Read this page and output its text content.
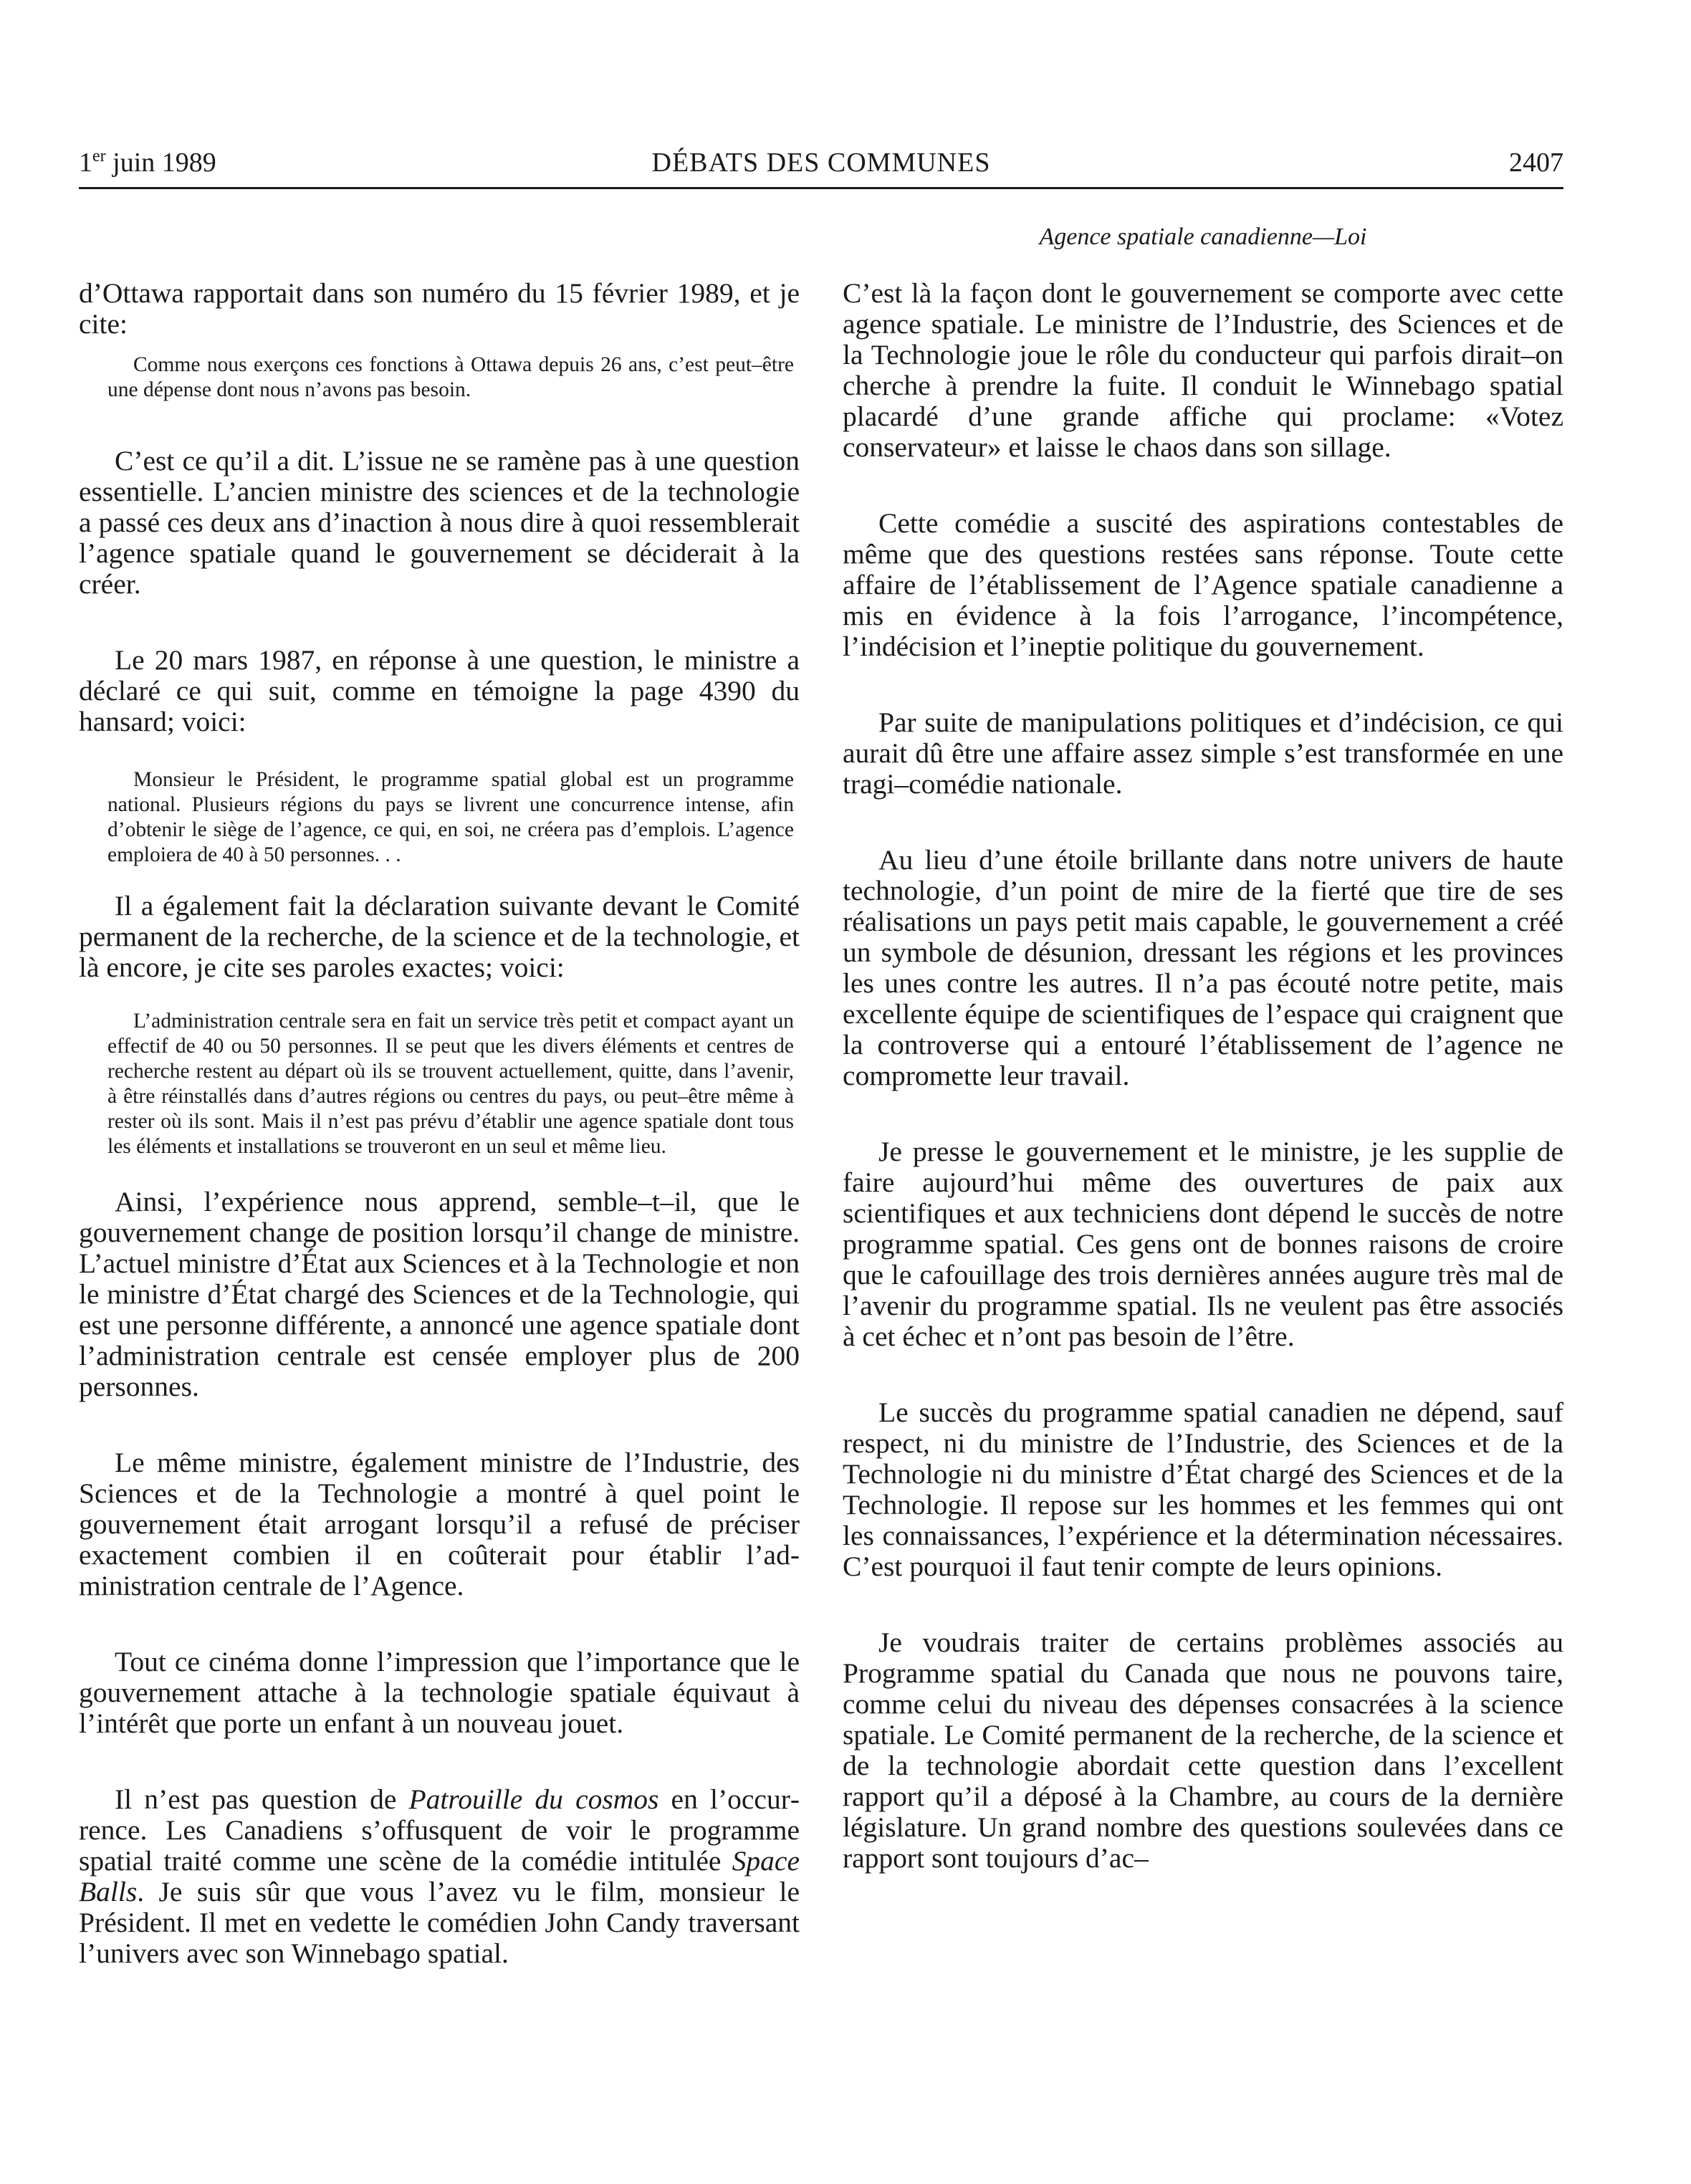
1er juin 1989	DÉBATS DES COMMUNES	2407
Agence spatiale canadienne—Loi

d’Ottawa rapportait dans son numéro du 15 février 1989, et je cite:

Comme nous exerçons ces fonctions à Ottawa depuis 26 ans, c’est peut–être une dépense dont nous n’avons pas besoin.

C’est ce qu’il a dit. L’issue ne se ramène pas à une question essentielle. L’ancien ministre des sciences et de la technologie a passé ces deux ans d’inaction à nous dire à quoi ressemblerait l’agence spatiale quand le gouvernement se déciderait à la créer.

Le 20 mars 1987, en réponse à une question, le ministre a déclaré ce qui suit, comme en témoigne la page 4390 du hansard; voici:

Monsieur le Président, le programme spatial global est un programme national. Plusieurs régions du pays se livrent une concurrence intense, afin d’obtenir le siège de l’agence, ce qui, en soi, ne créera pas d’emplois. L’agence emploiera de 40 à 50 personnes. . .

Il a également fait la déclaration suivante devant le Comité permanent de la recherche, de la science et de la technologie, et là encore, je cite ses paroles exactes; voici:

L’administration centrale sera en fait un service très petit et compact ayant un effectif de 40 ou 50 personnes. Il se peut que les divers éléments et centres de recherche restent au départ où ils se trouvent actuellement, quitte, dans l’avenir, à être réinstallés dans d’autres régions ou centres du pays, ou peut–être même à rester où ils sont. Mais il n’est pas prévu d’établir une agence spatiale dont tous les éléments et installations se trouveront en un seul et même lieu.

Ainsi, l’expérience nous apprend, semble–t–il, que le gouvernement change de position lorsqu’il change de ministre. L’actuel ministre d’État aux Sciences et à la Technologie et non le ministre d’État chargé des Sciences et de la Technologie, qui est une personne différente, a annoncé une agence spatiale dont l’administration centrale est censée employer plus de 200 personnes.

Le même ministre, également ministre de l’Industrie, des Sciences et de la Technologie a montré à quel point le gouvernement était arrogant lorsqu’il a refusé de préciser exactement combien il en coûterait pour établir l’administration centrale de l’Agence.

Tout ce cinéma donne l’impression que l’importance que le gouvernement attache à la technologie spatiale équivaut à l’intérêt que porte un enfant à un nouveau jouet.

Il n’est pas question de Patrouille du cosmos en l’occurrence. Les Canadiens s’offusquent de voir le programme spatial traité comme une scène de la comédie intitulée Space Balls. Je suis sûr que vous l’avez vu le film, monsieur le Président. Il met en vedette le comédien John Candy traversant l’univers avec son Winnebago spatial.

C’est là la façon dont le gouvernement se comporte avec cette agence spatiale. Le ministre de l’Industrie, des Sciences et de la Technologie joue le rôle du conducteur qui parfois dirait–on cherche à prendre la fuite. Il conduit le Winnebago spatial placardé d’une grande affiche qui proclame: «Votez conservateur» et laisse le chaos dans son sillage.

Cette comédie a suscité des aspirations contestables de même que des questions restées sans réponse. Toute cette affaire de l’établissement de l’Agence spatiale canadienne a mis en évidence à la fois l’arrogance, l’incompétence, l’indécision et l’ineptie politique du gouvernement.

Par suite de manipulations politiques et d’indécision, ce qui aurait dû être une affaire assez simple s’est transformée en une tragi–comédie nationale.

Au lieu d’une étoile brillante dans notre univers de haute technologie, d’un point de mire de la fierté que tire de ses réalisations un pays petit mais capable, le gouvernement a créé un symbole de désunion, dressant les régions et les provinces les unes contre les autres. Il n’a pas écouté notre petite, mais excellente équipe de scientifiques de l’espace qui craignent que la controverse qui a entouré l’établissement de l’agence ne compromette leur travail.

Je presse le gouvernement et le ministre, je les supplie de faire aujourd’hui même des ouvertures de paix aux scientifiques et aux techniciens dont dépend le succès de notre programme spatial. Ces gens ont de bonnes raisons de croire que le cafouillage des trois dernières années augure très mal de l’avenir du programme spatial. Ils ne veulent pas être associés à cet échec et n’ont pas besoin de l’être.

Le succès du programme spatial canadien ne dépend, sauf respect, ni du ministre de l’Industrie, des Sciences et de la Technologie ni du ministre d’État chargé des Sciences et de la Technologie. Il repose sur les hommes et les femmes qui ont les connaissances, l’expérience et la détermination nécessaires. C’est pourquoi il faut tenir compte de leurs opinions.

Je voudrais traiter de certains problèmes associés au Programme spatial du Canada que nous ne pouvons taire, comme celui du niveau des dépenses consacrées à la science spatiale. Le Comité permanent de la recherche, de la science et de la technologie abordait cette question dans l’excellent rapport qu’il a déposé à la Chambre, au cours de la dernière législature. Un grand nombre des questions soulevées dans ce rapport sont toujours d’ac–
